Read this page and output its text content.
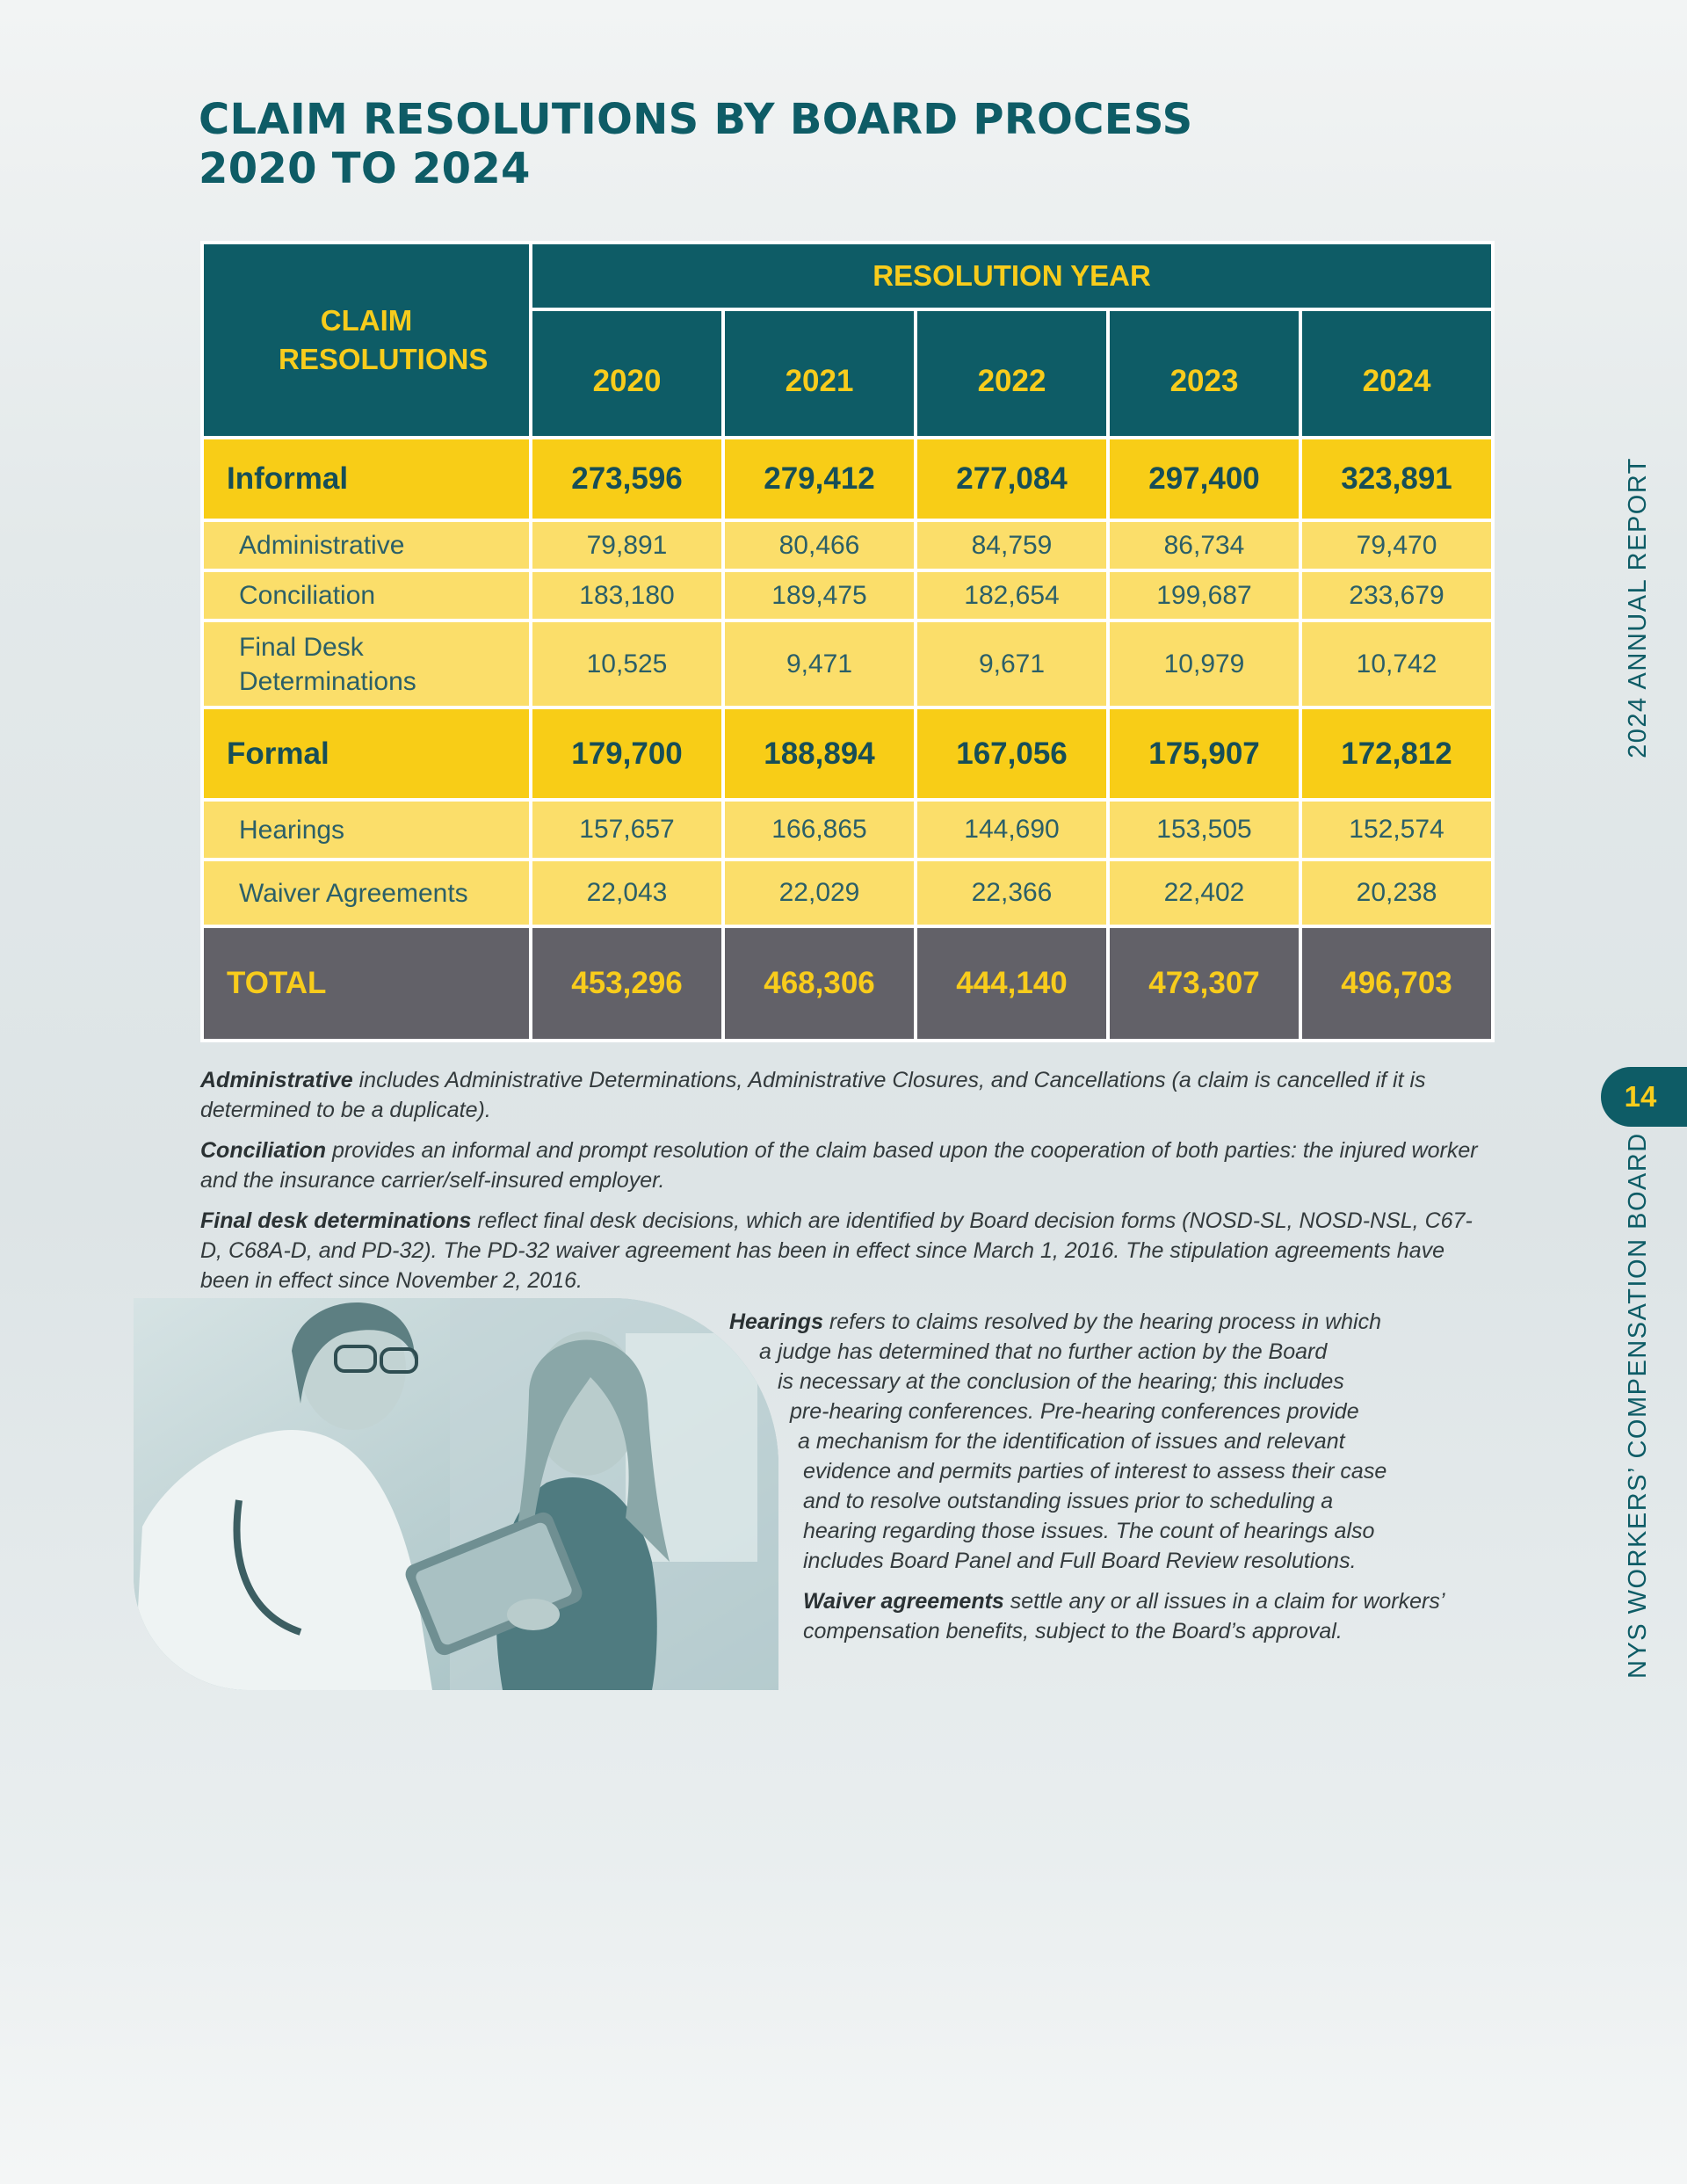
CLAIM RESOLUTIONS BY BOARD PROCESS
2020 TO 2024
CLAIM RESOLUTIONS	RESOLUTION YEAR				
	2020	2021	2022	2023	2024
Informal	273,596	279,412	277,084	297,400	323,891
Administrative	79,891	80,466	84,759	86,734	79,470
Conciliation	183,180	189,475	182,654	199,687	233,679

Final Desk Determinations	10,525	9,471	9,671	10,979	10,742
Formal	179,700	188,894	167,056	175,907	172,812
Hearings	157,657	166,865	144,690	153,505	152,574
Waiver Agreements	22,043	22,029	22,366	22,402	20,238
TOTAL	453,296	468,306	444,140	473,307	496,703

Administrative includes Administrative Determinations, Administrative Closures, and Cancellations (a claim is cancelled if it is determined to be a duplicate).

Conciliation provides an informal and prompt resolution of the claim based upon the cooperation of both parties: the injured worker and the insurance carrier/self-insured employer.

Final desk determinations reflect final desk decisions, which are identified by Board decision forms (NOSD-SL, NOSD-NSL, C67-D, C68A-D, and PD-32). The PD-32 waiver agreement has been in effect since March 1, 2016. The stipulation agreements have been in effect since November 2, 2016.

Hearings refers to claims resolved by the hearing process in which
a judge has determined that no further action by the Board
is necessary at the conclusion of the hearing; this includes
pre-hearing conferences. Pre-hearing conferences provide
a mechanism for the identification of issues and relevant
evidence and permits parties of interest to assess their case
and to resolve outstanding issues prior to scheduling a
hearing regarding those issues. The count of hearings also
includes Board Panel and Full Board Review resolutions.
Waiver agreements settle any or all issues in a claim for workers’
compensation benefits, subject to the Board’s approval.
2024 ANNUAL REPORT
14
NYS WORKERS’ COMPENSATION BOARD
